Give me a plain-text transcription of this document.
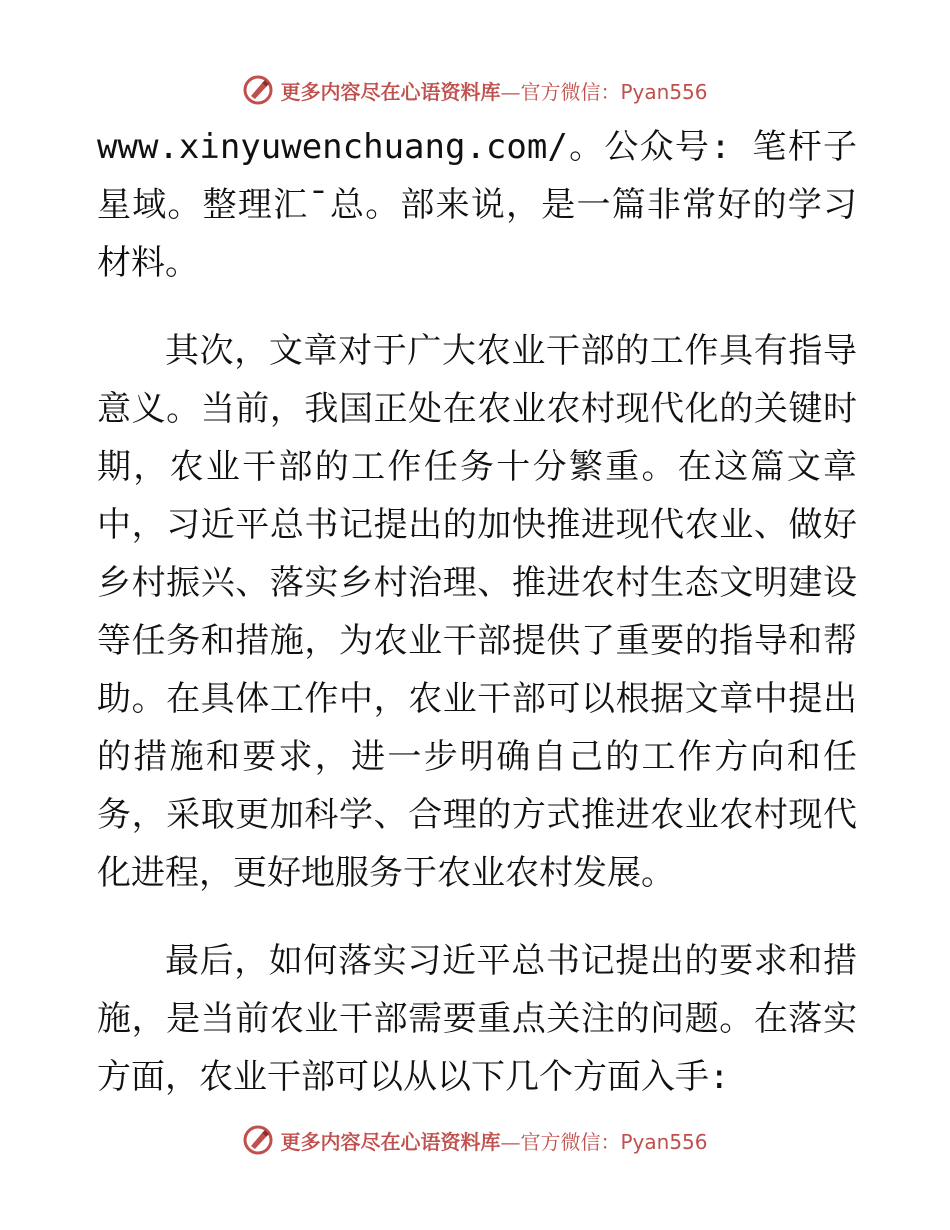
更多内容尽在心语资料库—官方微信：Pyan556

www.xinyuwenchuang.com/。公众号: 笔杆子星域。整理汇¯总。部来说，是一篇非常好的学习材料。

其次，文章对于广大农业干部的工作具有指导意义。当前，我国正处在农业农村现代化的关键时期，农业干部的工作任务十分繁重。在这篇文章中，习近平总书记提出的加快推进现代农业、做好乡村振兴、落实乡村治理、推进农村生态文明建设等任务和措施，为农业干部提供了重要的指导和帮助。在具体工作中，农业干部可以根据文章中提出的措施和要求，进一步明确自己的工作方向和任务，采取更加科学、合理的方式推进农业农村现代化进程，更好地服务于农业农村发展。

最后，如何落实习近平总书记提出的要求和措施，是当前农业干部需要重点关注的问题。在落实方面，农业干部可以从以下几个方面入手:

更多内容尽在心语资料库—官方微信：Pyan556
